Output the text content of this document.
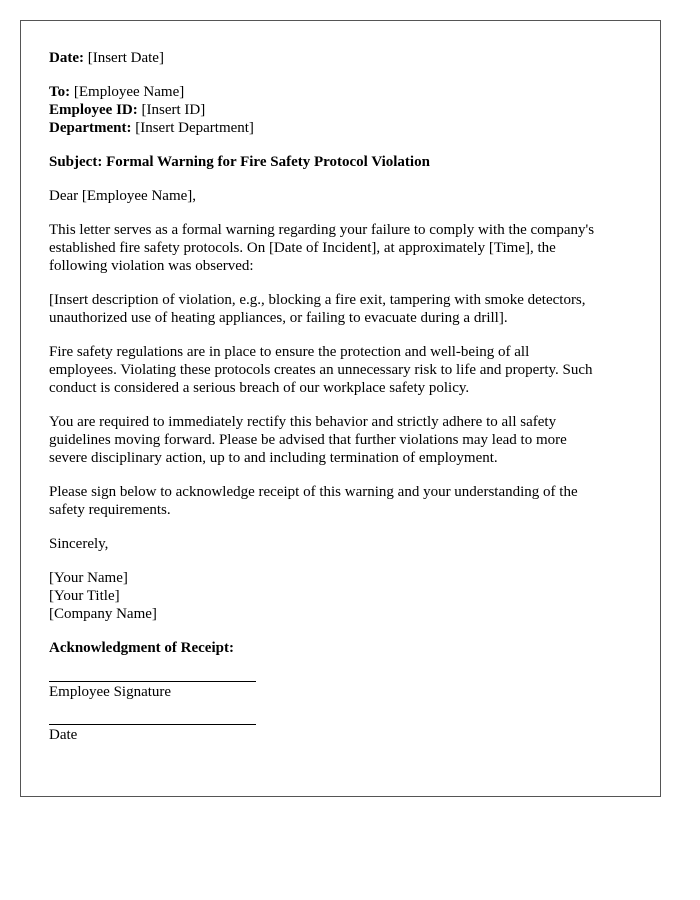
Date: [Insert Date]
To: [Employee Name]
Employee ID: [Insert ID]
Department: [Insert Department]
Subject: Formal Warning for Fire Safety Protocol Violation
Dear [Employee Name],
This letter serves as a formal warning regarding your failure to comply with the company's
established fire safety protocols. On [Date of Incident], at approximately [Time], the
following violation was observed:
[Insert description of violation, e.g., blocking a fire exit, tampering with smoke detectors,
unauthorized use of heating appliances, or failing to evacuate during a drill].
Fire safety regulations are in place to ensure the protection and well-being of all
employees. Violating these protocols creates an unnecessary risk to life and property. Such
conduct is considered a serious breach of our workplace safety policy.
You are required to immediately rectify this behavior and strictly adhere to all safety
guidelines moving forward. Please be advised that further violations may lead to more
severe disciplinary action, up to and including termination of employment.
Please sign below to acknowledge receipt of this warning and your understanding of the
safety requirements.
Sincerely,
[Your Name]
[Your Title]
[Company Name]
Acknowledgment of Receipt:
Employee Signature
Date
